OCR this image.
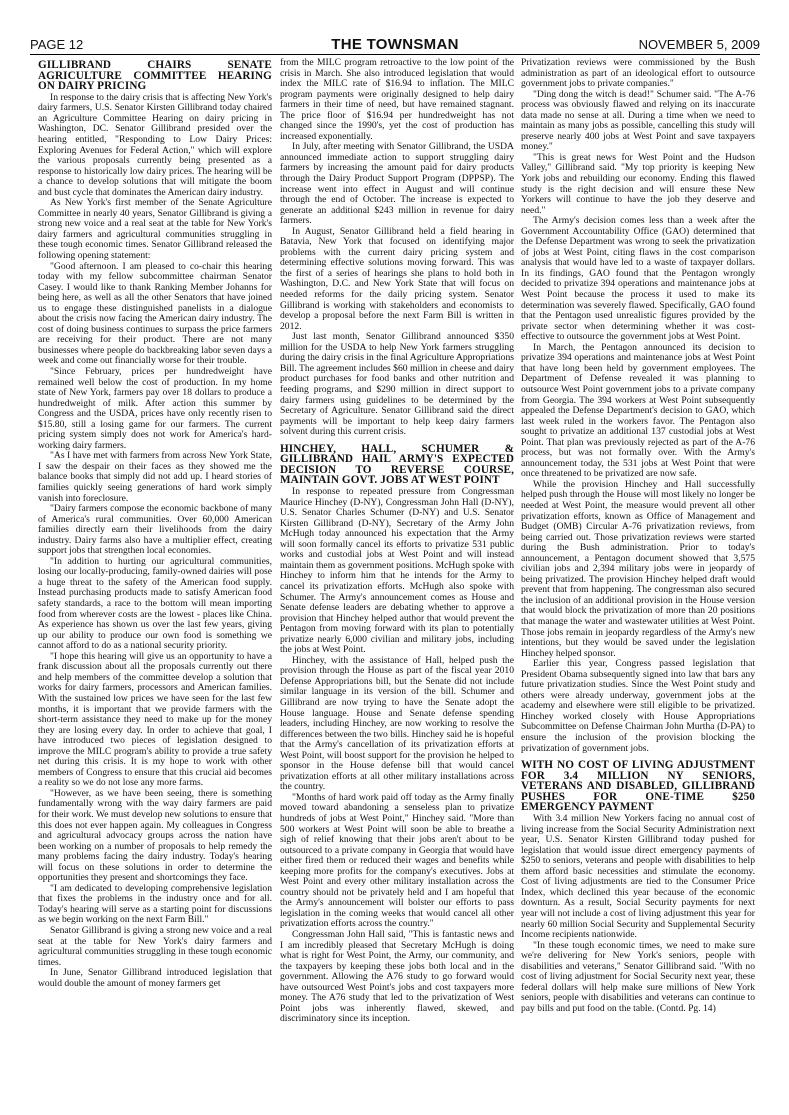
PAGE 12	THE TOWNSMAN	NOVEMBER 5, 2009
GILLIBRAND CHAIRS SENATE AGRICULTURE COMMITTEE HEARING ON DAIRY PRICING

In response to the dairy crisis that is affecting New York's dairy farmers, U.S. Senator Kirsten Gillibrand today chaired an Agriculture Committee Hearing on dairy pricing in Washington, DC. Senator Gillibrand presided over the hearing entitled, "Responding to Low Dairy Prices: Exploring Avenues for Federal Action," which will explore the various proposals currently being presented as a response to historically low dairy prices. The hearing will be a chance to develop solutions that will mitigate the boom and bust cycle that dominates the American dairy industry.

As New York's first member of the Senate Agriculture Committee in nearly 40 years, Senator Gillibrand is giving a strong new voice and a real seat at the table for New York's dairy farmers and agricultural communities struggling in these tough economic times. Senator Gillibrand released the following opening statement:

"Good afternoon. I am pleased to co-chair this hearing today with my fellow subcommittee chairman Senator Casey. I would like to thank Ranking Member Johanns for being here, as well as all the other Senators that have joined us to engage these distinguished panelists in a dialogue about the crisis now facing the American dairy industry. The cost of doing business continues to surpass the price farmers are receiving for their product. There are not many businesses where people do backbreaking labor seven days a week and come out financially worse for their trouble.

"Since February, prices per hundredweight have remained well below the cost of production. In my home state of New York, farmers pay over 18 dollars to produce a hundredweight of milk. After action this summer by Congress and the USDA, prices have only recently risen to $15.80, still a losing game for our farmers. The current pricing system simply does not work for America's hard-working dairy farmers.

"As I have met with farmers from across New York State, I saw the despair on their faces as they showed me the balance books that simply did not add up. I heard stories of families quickly seeing generations of hard work simply vanish into foreclosure.

"Dairy farmers compose the economic backbone of many of America's rural communities. Over 60,000 American families directly earn their livelihoods from the dairy industry. Dairy farms also have a multiplier effect, creating support jobs that strengthen local economies.

"In addition to hurting our agricultural communities, losing our locally-producing, family-owned dairies will pose a huge threat to the safety of the American food supply. Instead purchasing products made to satisfy American food safety standards, a race to the bottom will mean importing food from wherever costs are the lowest - places like China. As experience has shown us over the last few years, giving up our ability to produce our own food is something we cannot afford to do as a national security priority.

"I hope this hearing will give us an opportunity to have a frank discussion about all the proposals currently out there and help members of the committee develop a solution that works for dairy farmers, processors and American families. With the sustained low prices we have seen for the last few months, it is important that we provide farmers with the short-term assistance they need to make up for the money they are losing every day. In order to achieve that goal, I have introduced two pieces of legislation designed to improve the MILC program's ability to provide a true safety net during this crisis. It is my hope to work with other members of Congress to ensure that this crucial aid becomes a reality so we do not lose any more farms.

"However, as we have been seeing, there is something fundamentally wrong with the way dairy farmers are paid for their work. We must develop new solutions to ensure that this does not ever happen again. My colleagues in Congress and agricultural advocacy groups across the nation have been working on a number of proposals to help remedy the many problems facing the dairy industry. Today's hearing will focus on these solutions in order to determine the opportunities they present and shortcomings they face.

"I am dedicated to developing comprehensive legislation that fixes the problems in the industry once and for all. Today's hearing will serve as a starting point for discussions as we begin working on the next Farm Bill."

Senator Gillibrand is giving a strong new voice and a real seat at the table for New York's dairy farmers and agricultural communities struggling in these tough economic times.

In June, Senator Gillibrand introduced legislation that would double the amount of money farmers get

from the MILC program retroactive to the low point of the crisis in March. She also introduced legislation that would index the MILC rate of $16.94 to inflation. The MILC program payments were originally designed to help dairy farmers in their time of need, but have remained stagnant. The price floor of $16.94 per hundredweight has not changed since the 1990's, yet the cost of production has increased exponentially.

In July, after meeting with Senator Gillibrand, the USDA announced immediate action to support struggling dairy farmers by increasing the amount paid for dairy products through the Dairy Product Support Program (DPPSP). The increase went into effect in August and will continue through the end of October. The increase is expected to generate an additional $243 million in revenue for dairy farmers.

In August, Senator Gillibrand held a field hearing in Batavia, New York that focused on identifying major problems with the current dairy pricing system and determining effective solutions moving forward. This was the first of a series of hearings she plans to hold both in Washington, D.C. and New York State that will focus on needed reforms for the daily pricing system. Senator Gillibrand is working with stakeholders and economists to develop a proposal before the next Farm Bill is written in 2012.

Just last month, Senator Gillibrand announced $350 million for the USDA to help New York farmers struggling during the dairy crisis in the final Agriculture Appropriations Bill. The agreement includes $60 million in cheese and dairy product purchases for food banks and other nutrition and feeding programs, and $290 million in direct support to dairy farmers using guidelines to be determined by the Secretary of Agriculture. Senator Gillibrand said the direct payments will be important to help keep dairy farmers solvent during this current crisis.

HINCHEY, HALL, SCHUMER & GILLIBRAND HAIL ARMY'S EXPECTED DECISION TO REVERSE COURSE, MAINTAIN GOVT. JOBS AT WEST POINT

In response to repeated pressure from Congressman Maurice Hinchey (D-NY), Congressman John Hall (D-NY), U.S. Senator Charles Schumer (D-NY) and U.S. Senator Kirsten Gillibrand (D-NY), Secretary of the Army John McHugh today announced his expectation that the Army will soon formally cancel its efforts to privatize 531 public works and custodial jobs at West Point and will instead maintain them as government positions. McHugh spoke with Hinchey to inform him that he intends for the Army to cancel its privatization efforts. McHugh also spoke with Schumer. The Army's announcement comes as House and Senate defense leaders are debating whether to approve a provision that Hinchey helped author that would prevent the Pentagon from moving forward with its plan to potentially privatize nearly 6,000 civilian and military jobs, including the jobs at West Point.

Hinchey, with the assistance of Hall, helped push the provision through the House as part of the fiscal year 2010 Defense Appropriations bill, but the Senate did not include similar language in its version of the bill. Schumer and Gillibrand are now trying to have the Senate adopt the House language. House and Senate defense spending leaders, including Hinchey, are now working to resolve the differences between the two bills. Hinchey said he is hopeful that the Army's cancellation of its privatization efforts at West Point, will boost support for the provision he helped to sponsor in the House defense bill that would cancel privatization efforts at all other military installations across the country.

"Months of hard work paid off today as the Army finally moved toward abandoning a senseless plan to privatize hundreds of jobs at West Point," Hinchey said. "More than 500 workers at West Point will soon be able to breathe a sigh of relief knowing that their jobs aren't about to be outsourced to a private company in Georgia that would have either fired them or reduced their wages and benefits while keeping more profits for the company's executives. Jobs at West Point and every other military installation across the country should not be privately held and I am hopeful that the Army's announcement will bolster our efforts to pass legislation in the coming weeks that would cancel all other privatization efforts across the country."

Congressman John Hall said, "This is fantastic news and I am incredibly pleased that Secretary McHugh is doing what is right for West Point, the Army, our community, and the taxpayers by keeping these jobs both local and in the government. Allowing the A76 study to go forward would have outsourced West Point's jobs and cost taxpayers more money. The A76 study that led to the privatization of West Point jobs was inherently flawed, skewed, and discriminatory since its inception.

Privatization reviews were commissioned by the Bush administration as part of an ideological effort to outsource government jobs to private companies."

"Ding dong the witch is dead!" Schumer said. "The A-76 process was obviously flawed and relying on its inaccurate data made no sense at all. During a time when we need to maintain as many jobs as possible, cancelling this study will preserve nearly 400 jobs at West Point and save taxpayers money."

"This is great news for West Point and the Hudson Valley," Gillibrand said. "My top priority is keeping New York jobs and rebuilding our economy. Ending this flawed study is the right decision and will ensure these New Yorkers will continue to have the job they deserve and need."

The Army's decision comes less than a week after the Government Accountability Office (GAO) determined that the Defense Department was wrong to seek the privatization of jobs at West Point, citing flaws in the cost comparison analysis that would have led to a waste of taxpayer dollars. In its findings, GAO found that the Pentagon wrongly decided to privatize 394 operations and maintenance jobs at West Point because the process it used to make its determination was severely flawed. Specifically, GAO found that the Pentagon used unrealistic figures provided by the private sector when determining whether it was cost-effective to outsource the government jobs at West Point.

In March, the Pentagon announced its decision to privatize 394 operations and maintenance jobs at West Point that have long been held by government employees. The Department of Defense revealed it was planning to outsource West Point government jobs to a private company from Georgia. The 394 workers at West Point subsequently appealed the Defense Department's decision to GAO, which last week ruled in the workers favor. The Pentagon also sought to privatize an additional 137 custodial jobs at West Point. That plan was previously rejected as part of the A-76 process, but was not formally over. With the Army's announcement today, the 531 jobs at West Point that were once threatened to be privatized are now safe.

While the provision Hinchey and Hall successfully helped push through the House will most likely no longer be needed at West Point, the measure would prevent all other privatization efforts, known as Office of Management and Budget (OMB) Circular A-76 privatization reviews, from being carried out. Those privatization reviews were started during the Bush administration. Prior to today's announcement, a Pentagon document showed that 3,575 civilian jobs and 2,394 military jobs were in jeopardy of being privatized. The provision Hinchey helped draft would prevent that from happening. The congressman also secured the inclusion of an additional provision in the House version that would block the privatization of more than 20 positions that manage the water and wastewater utilities at West Point. Those jobs remain in jeopardy regardless of the Army's new intentions, but they would be saved under the legislation Hinchey helped sponsor.

Earlier this year, Congress passed legislation that President Obama subsequently signed into law that bars any future privatization studies. Since the West Point study and others were already underway, government jobs at the academy and elsewhere were still eligible to be privatized. Hinchey worked closely with House Appropriations Subcommittee on Defense Chairman John Murtha (D-PA) to ensure the inclusion of the provision blocking the privatization of government jobs.

WITH NO COST OF LIVING ADJUSTMENT FOR 3.4 MILLION NY SENIORS, VETERANS AND DISABLED, GILLIBRAND PUSHES FOR ONE-TIME $250 EMERGENCY PAYMENT

With 3.4 million New Yorkers facing no annual cost of living increase from the Social Security Administration next year, U.S. Senator Kirsten Gillibrand today pushed for legislation that would issue direct emergency payments of $250 to seniors, veterans and people with disabilities to help them afford basic necessities and stimulate the economy. Cost of living adjustments are tied to the Consumer Price Index, which declined this year because of the economic downturn. As a result, Social Security payments for next year will not include a cost of living adjustment this year for nearly 60 million Social Security and Supplemental Security Income recipients nationwide.

"In these tough economic times, we need to make sure we're delivering for New York's seniors, people with disabilities and veterans," Senator Gillibrand said. "With no cost of living adjustment for Social Security next year, these federal dollars will help make sure millions of New York seniors, people with disabilities and veterans can continue to pay bills and put food on the table. (Contd. Pg. 14)
